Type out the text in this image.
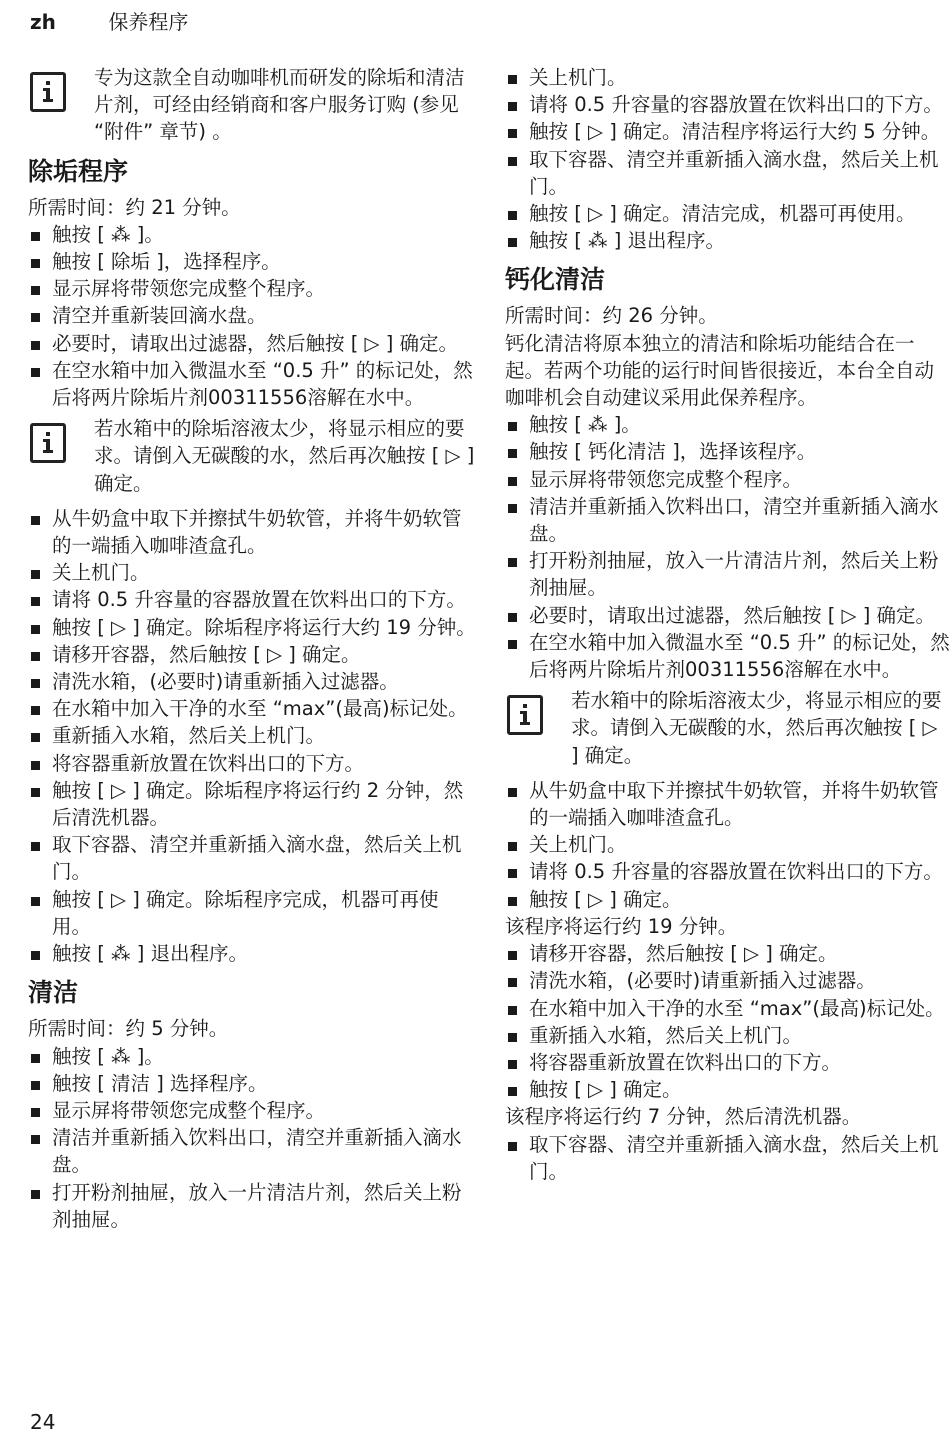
zh	保养程序

专为这款全自动咖啡机而研发的除垢和清洁片剂，可经由经销商和客户服务订购 (参见 “附件” 章节) 。

除垢程序

所需时间：约 21 分钟。

触按 [ ⁂ ]。
触按 [ 除垢 ]，选择程序。
显示屏将带领您完成整个程序。
清空并重新装回滴水盘。
必要时，请取出过滤器，然后触按 [ ▷ ] 确定。
在空水箱中加入微温水至 “0.5 升” 的标记处，然后将两片除垢片剂00311556溶解在水中。

若水箱中的除垢溶液太少，将显示相应的要求。请倒入无碳酸的水，然后再次触按 [ ▷ ] 确定。

从牛奶盒中取下并擦拭牛奶软管，并将牛奶软管的一端插入咖啡渣盒孔。
关上机门。
请将 0.5 升容量的容器放置在饮料出口的下方。
触按 [ ▷ ] 确定。除垢程序将运行大约 19 分钟。
请移开容器，然后触按 [ ▷ ] 确定。
清洗水箱，(必要时)请重新插入过滤器。
在水箱中加入干净的水至 “max”(最高)标记处。
重新插入水箱，然后关上机门。
将容器重新放置在饮料出口的下方。
触按 [ ▷ ] 确定。除垢程序将运行约 2 分钟，然后清洗机器。
取下容器、清空并重新插入滴水盘，然后关上机门。
触按 [ ▷ ] 确定。除垢程序完成，机器可再使用。
触按 [ ⁂ ] 退出程序。
清洁

所需时间：约 5 分钟。

触按 [ ⁂ ]。
触按 [ 清洁 ] 选择程序。
显示屏将带领您完成整个程序。
清洁并重新插入饮料出口，清空并重新插入滴水盘。
打开粉剂抽屉，放入一片清洁片剂，然后关上粉剂抽屉。
关上机门。
请将 0.5 升容量的容器放置在饮料出口的下方。
触按 [ ▷ ] 确定。清洁程序将运行大约 5 分钟。
取下容器、清空并重新插入滴水盘，然后关上机门。
触按 [ ▷ ] 确定。清洁完成，机器可再使用。
触按 [ ⁂ ] 退出程序。
钙化清洁

所需时间：约 26 分钟。

钙化清洁将原本独立的清洁和除垢功能结合在一起。若两个功能的运行时间皆很接近，本台全自动咖啡机会自动建议采用此保养程序。

触按 [ ⁂ ]。
触按 [ 钙化清洁 ]，选择该程序。
显示屏将带领您完成整个程序。
清洁并重新插入饮料出口，清空并重新插入滴水盘。
打开粉剂抽屉，放入一片清洁片剂，然后关上粉剂抽屉。
必要时，请取出过滤器，然后触按 [ ▷ ] 确定。
在空水箱中加入微温水至 “0.5 升” 的标记处，然后将两片除垢片剂00311556溶解在水中。

若水箱中的除垢溶液太少，将显示相应的要求。请倒入无碳酸的水，然后再次触按 [ ▷ ] 确定。

从牛奶盒中取下并擦拭牛奶软管，并将牛奶软管的一端插入咖啡渣盒孔。
关上机门。
请将 0.5 升容量的容器放置在饮料出口的下方。
触按 [ ▷ ] 确定。

该程序将运行约 19 分钟。

请移开容器，然后触按 [ ▷ ] 确定。
清洗水箱，(必要时)请重新插入过滤器。
在水箱中加入干净的水至 “max”(最高)标记处。
重新插入水箱，然后关上机门。
将容器重新放置在饮料出口的下方。
触按 [ ▷ ] 确定。

该程序将运行约 7 分钟，然后清洗机器。

取下容器、清空并重新插入滴水盘，然后关上机门。
24
